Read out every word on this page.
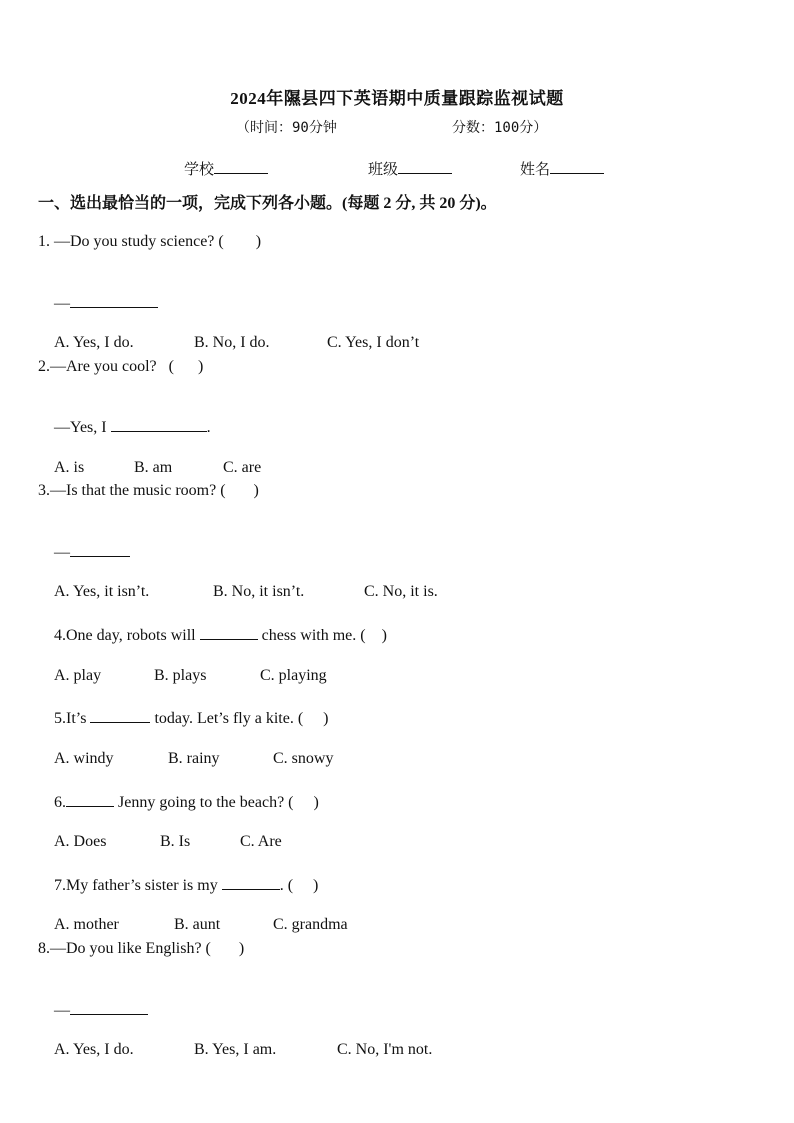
2024年隰县四下英语期中质量跟踪监视试题
（时间：90分钟	分数：100分）
学校	班级	姓名
一、选出最恰当的一项，完成下列各小题。(每题 2 分, 共 20 分)。
1. —Do you study science? (        )

—

A. Yes, I do.	B. No, I do.	C. Yes, I don’t

2.—Are you cool?   (      )

—Yes, I	.

A. is	B. am	C. are

3.—Is that the music room? (       )

—

A. Yes, it isn’t.	B. No, it isn’t.	C. No, it is.

4.One day, robots will	chess with me. (    )

A. play	B. plays	C. playing

5.It’s	today. Let’s fly a kite. (     )

A. windy	B. rainy	C. snowy

6.	Jenny going to the beach? (     )

A. Does	B. Is	C. Are

7.My father’s sister is my	. (     )

A. mother	B. aunt	C. grandma

8.—Do you like English? (       )

—

A. Yes, I do.	B. Yes, I am.	C. No, I'm not.
